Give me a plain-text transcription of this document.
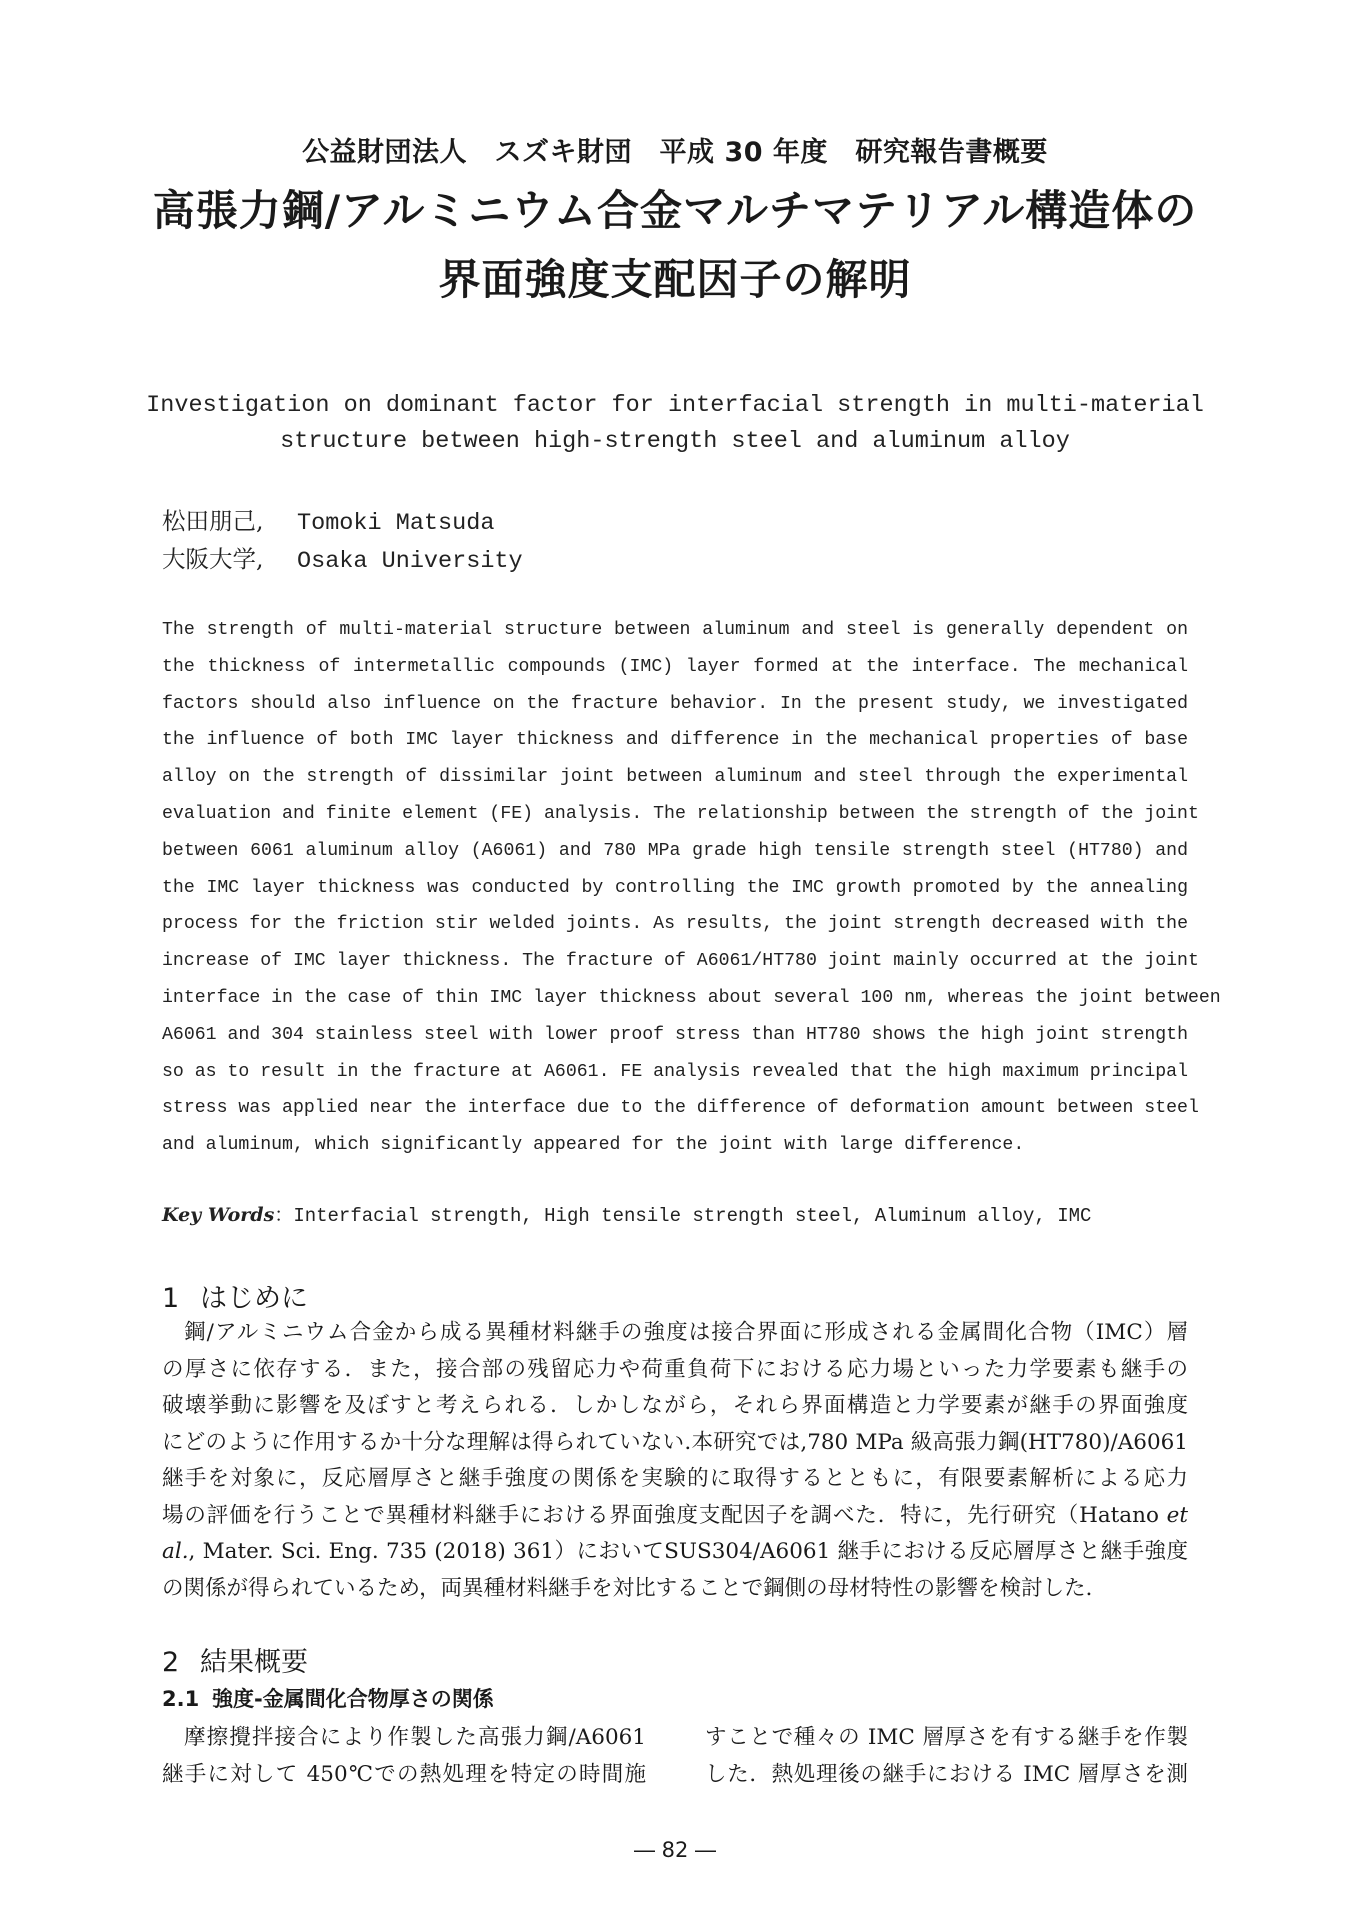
公益財団法人　スズキ財団　平成 30 年度　研究報告書概要
高張力鋼/アルミニウム合金マルチマテリアル構造体の
界面強度支配因子の解明
Investigation on dominant factor for interfacial strength in multi-material
structure between high-strength steel and aluminum alloy
松田朋己, Tomoki Matsuda
大阪大学, Osaka University
The strength of multi-material structure between aluminum and steel is generally dependent on
the thickness of intermetallic compounds (IMC) layer formed at the interface. The mechanical
factors should also influence on the fracture behavior. In the present study, we investigated
the influence of both IMC layer thickness and difference in the mechanical properties of base
alloy on the strength of dissimilar joint between aluminum and steel through the experimental
evaluation and finite element (FE) analysis. The relationship between the strength of the joint
between 6061 aluminum alloy (A6061) and 780 MPa grade high tensile strength steel (HT780) and
the IMC layer thickness was conducted by controlling the IMC growth promoted by the annealing
process for the friction stir welded joints. As results, the joint strength decreased with the
increase of IMC layer thickness. The fracture of A6061/HT780 joint mainly occurred at the joint
interface in the case of thin IMC layer thickness about several 100 nm, whereas the joint between
A6061 and 304 stainless steel with lower proof stress than HT780 shows the high joint strength
so as to result in the fracture at A6061. FE analysis revealed that the high maximum principal
stress was applied near the interface due to the difference of deformation amount between steel
and aluminum, which significantly appeared for the joint with large difference.
Key Words：Interfacial strength, High tensile strength steel, Aluminum alloy, IMC
1 はじめに
鋼/アルミニウム合金から成る異種材料継手の強度は接合界面に形成される金属間化合物（IMC）層
の厚さに依存する．また，接合部の残留応力や荷重負荷下における応力場といった力学要素も継手の
破壊挙動に影響を及ぼすと考えられる．しかしながら，それら界面構造と力学要素が継手の界面強度
にどのように作用するか十分な理解は得られていない.本研究では,780 MPa 級高張力鋼(HT780)/A6061
継手を対象に，反応層厚さと継手強度の関係を実験的に取得するとともに，有限要素解析による応力
場の評価を行うことで異種材料継手における界面強度支配因子を調べた．特に，先行研究（Hatano et
al., Mater. Sci. Eng. 735 (2018) 361）においてSUS304/A6061 継手における反応層厚さと継手強度
の関係が得られているため，両異種材料継手を対比することで鋼側の母材特性の影響を検討した．
2 結果概要
2.1 強度-金属間化合物厚さの関係
摩擦攪拌接合により作製した高張力鋼/A6061
継手に対して 450℃での熱処理を特定の時間施
すことで種々の IMC 層厚さを有する継手を作製
した．熱処理後の継手における IMC 層厚さを測
― 82 ―
